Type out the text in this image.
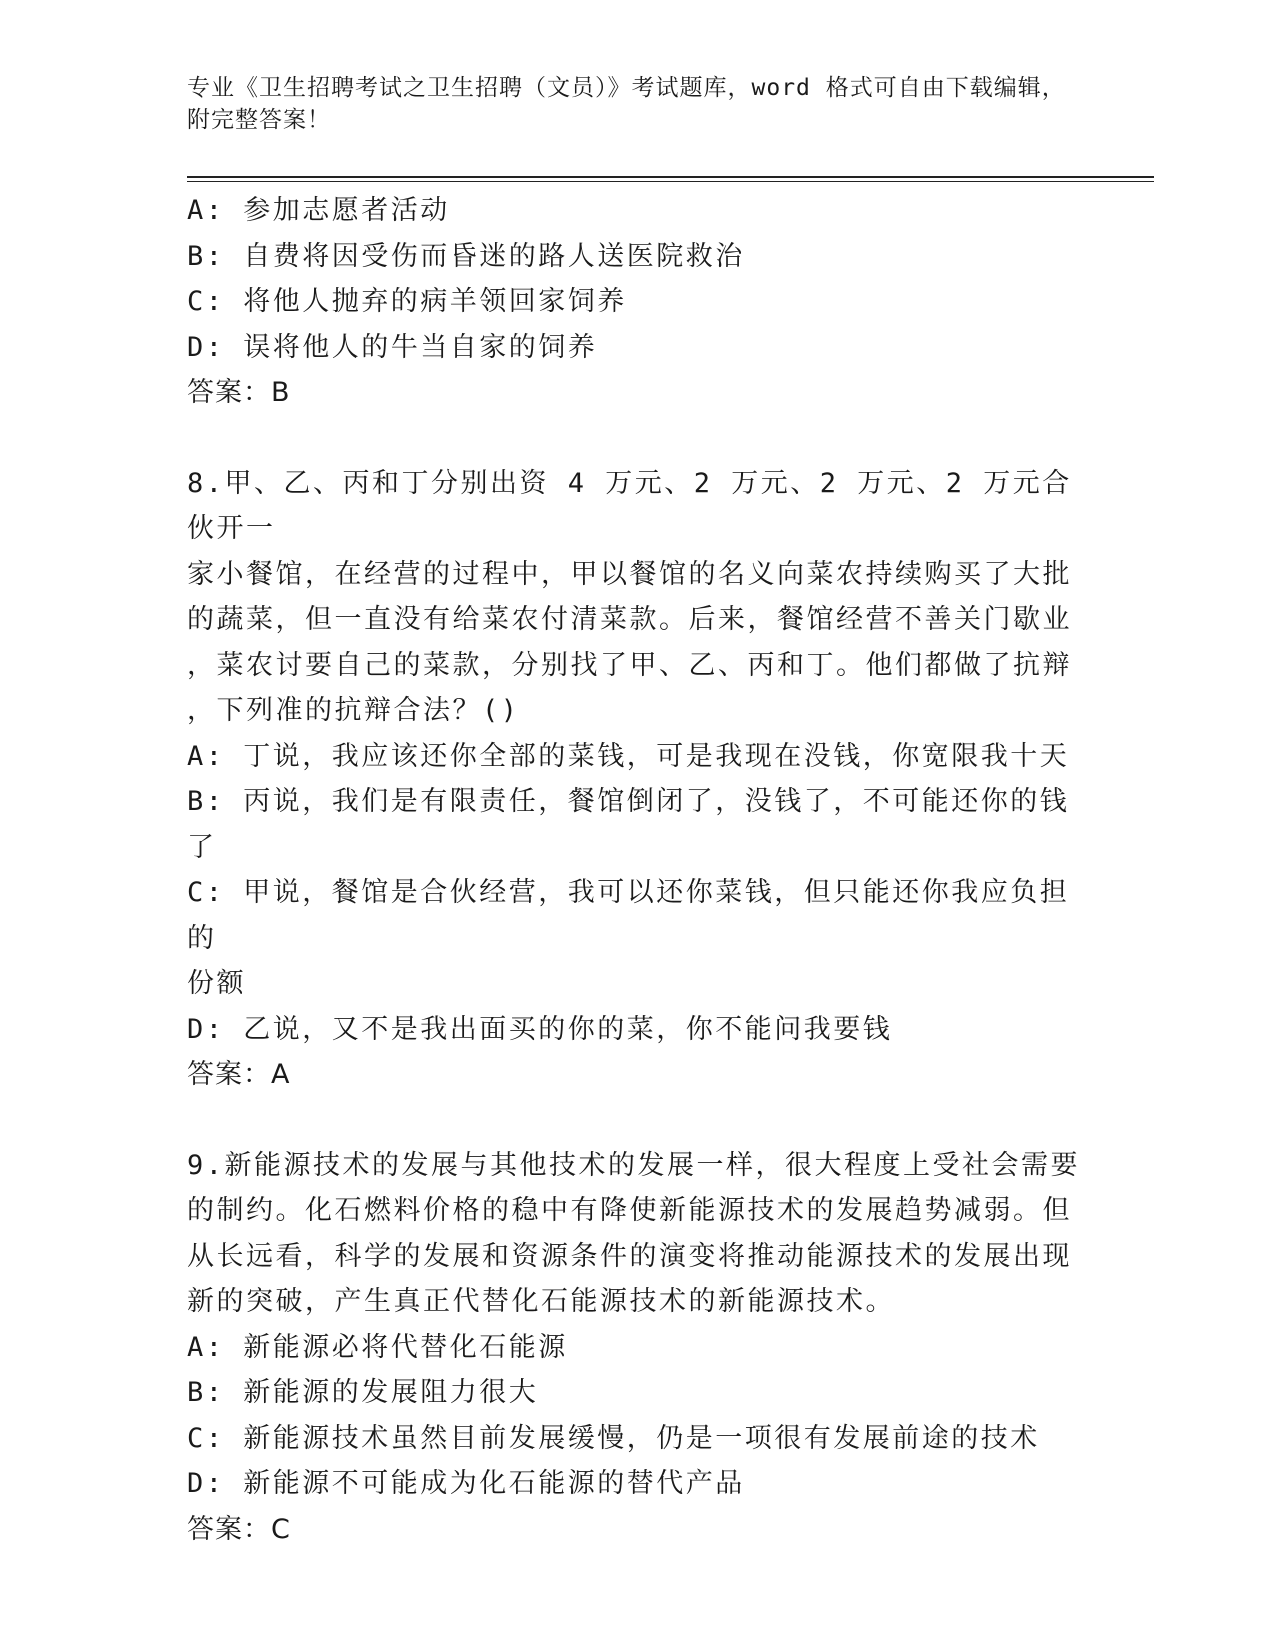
专业《卫生招聘考试之卫生招聘（文员）》考试题库，word 格式可自由下载编辑，附完整答案！
A: 参加志愿者活动
B: 自费将因受伤而昏迷的路人送医院救治
C: 将他人抛弃的病羊领回家饲养
D: 误将他人的牛当自家的饲养
答案：B
8.甲、乙、丙和丁分别出资 4 万元、2 万元、2 万元、2 万元合伙开一
家小餐馆，在经营的过程中，甲以餐馆的名义向菜农持续购买了大批
的蔬菜，但一直没有给菜农付清菜款。后来，餐馆经营不善关门歇业
，菜农讨要自己的菜款，分别找了甲、乙、丙和丁。他们都做了抗辩
，下列准的抗辩合法？()
A: 丁说，我应该还你全部的菜钱，可是我现在没钱，你宽限我十天
B: 丙说，我们是有限责任，餐馆倒闭了，没钱了，不可能还你的钱了
C: 甲说，餐馆是合伙经营，我可以还你菜钱，但只能还你我应负担的
份额
D: 乙说，又不是我出面买的你的菜，你不能问我要钱
答案：A
9.新能源技术的发展与其他技术的发展一样，很大程度上受社会需要
的制约。化石燃料价格的稳中有降使新能源技术的发展趋势减弱。但
从长远看，科学的发展和资源条件的演变将推动能源技术的发展出现
新的突破，产生真正代替化石能源技术的新能源技术。
A: 新能源必将代替化石能源
B: 新能源的发展阻力很大
C: 新能源技术虽然目前发展缓慢，仍是一项很有发展前途的技术
D: 新能源不可能成为化石能源的替代产品
答案：C
